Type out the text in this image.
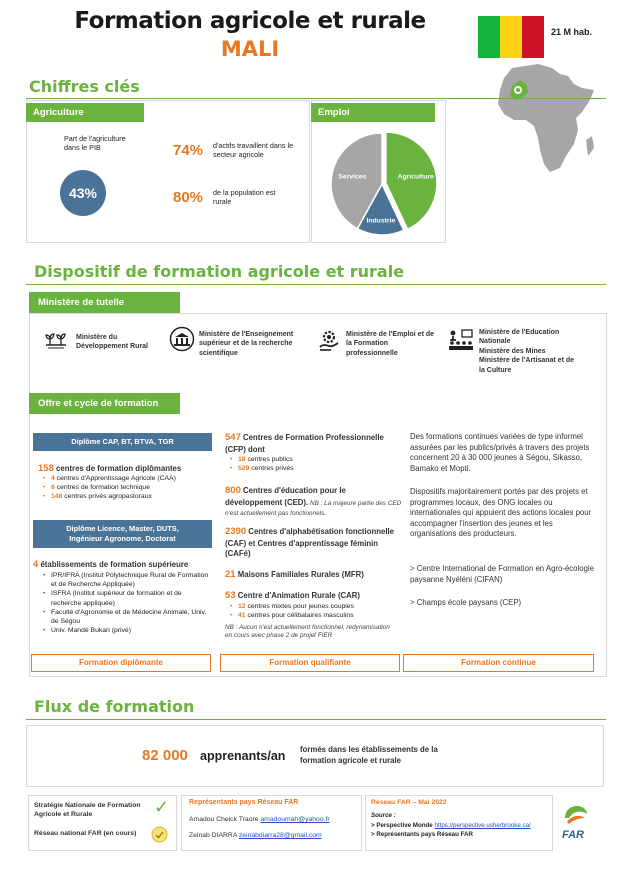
Formation agricole et rurale
MALI
21 M hab.
Chiffres clés
Agriculture
Part de l'agriculture dans le PIB
43%
74% d'actifs travaillent dans le secteur agricole
80% de la population est rurale
Emploi
Agriculture
Industrie
Services
Dispositif de formation agricole et rurale
Ministère de tutelle
Ministère du Développement Rural
Ministère de l'Enseignement supérieur et de la recherche scientifique
Ministère de l'Emploi et de la Formation professionnelle
Ministère de l'Education Nationale
Ministère des Mines
Ministère de l'Artisanat et de la Culture
Offre et cycle de formation
Diplôme CAP, BT, BTVA, TGR
158 centres de formation diplômantes
• 4 centres d'Apprentissage Agricole (CAA)
• 6 centres de formation technique
• 148 centres privés agropastoraux
Diplôme Licence, Master, DUTS, Ingénieur Agronome, Doctorat
4 établissements de formation supérieure
• IPR/IFRA (Institut Polytechnique Rural de Formation et de Recherche Appliquée)
• ISFRA (Institut supérieur de formation et de recherche appliquée)
• Faculté d'Agronomie et de Médecine Animale, Univ. de Ségou
• Univ. Mandé Bukari (privé)
Formation diplômante
547 Centres de Formation Professionnelle (CFP) dont
• 18 centres publics
• 529 centres privés
800 Centres d'éducation pour le développement (CED). NB : La majeure partie des CED n'est actuellement pas fonctionnels.
2390 Centres d'alphabétisation fonctionnelle (CAF) et Centres d'apprentissage féminin (CAFé)
21 Maisons Familiales Rurales (MFR)
53 Centre d'Animation Rurale (CAR)
• 12 centres mixtes pour jeunes couples
• 41 centres pour célibataires masculins
NB : Aucun n'est actuellement fonctionnel, redynamisation en cours avec phase 2 de projet FIER
Formation qualifiante
Des formations continues variées de type informel assurées par les publics/privés à travers des projets concernent 20 à 30 000 jeunes à Ségou, Sikasso, Bamako et Mopti.
Dispositifs majoritairement portés par des projets et programmes locaux, des ONG locales ou internationales qui appuient des actions locales pour accompagner l'insertion des jeunes et les organisations des producteurs.
> Centre International de Formation en Agro-écologie paysanne Nyéléni (CIFAN)
> Champs école paysans (CEP)
Formation continue
Flux de formation
82 000 apprenants/an formés dans les établissements de la formation agricole et rurale
Stratégie Nationale de Formation Agricole et Rurale	✓
Réseau national FAR (en cours)
Représentants pays Réseau FAR
Amadou Cheick Traore amadoumah@yahoo.fr
Zeinab DIARRA zeinabdiarra28@gmail.com
Réseau FAR – Mai 2022
Source :
> Perspective Monde https://perspective.usherbrooke.ca/
> Représentants pays Réseau FAR	FAR
